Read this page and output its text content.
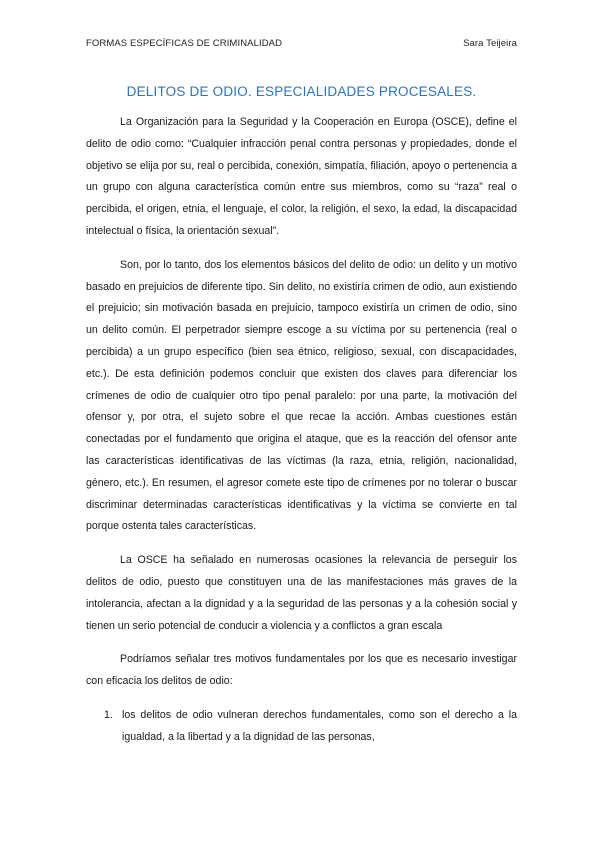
FORMAS ESPECÍFICAS DE CRIMINALIDAD	Sara Teijeira
DELITOS DE ODIO. ESPECIALIDADES PROCESALES.

La Organización para la Seguridad y la Cooperación en Europa (OSCE), define el delito de odio como: “Cualquier infracción penal contra personas y propiedades, donde el objetivo se elija por su, real o percibida, conexión, simpatía, filiación, apoyo o pertenencia a un grupo con alguna característica común entre sus miembros, como su “raza” real o percibida, el origen, etnia, el lenguaje, el color, la religión, el sexo, la edad, la discapacidad intelectual o física, la orientación sexual”.

Son, por lo tanto, dos los elementos básicos del delito de odio: un delito y un motivo basado en prejuicios de diferente tipo. Sin delito, no existiría crimen de odio, aun existiendo el prejuicio; sin motivación basada en prejuicio, tampoco existiría un crimen de odio, sino un delito común. El perpetrador siempre escoge a su víctima por su pertenencia (real o percibida) a un grupo específico (bien sea étnico, religioso, sexual, con discapacidades, etc.). De esta definición podemos concluir que existen dos claves para diferenciar los crímenes de odio de cualquier otro tipo penal paralelo: por una parte, la motivación del ofensor y, por otra, el sujeto sobre el que recae la acción. Ambas cuestiones están conectadas por el fundamento que origina el ataque, que es la reacción del ofensor ante las características identificativas de las víctimas (la raza, etnia, religión, nacionalidad, género, etc.). En resumen, el agresor comete este tipo de crímenes por no tolerar o buscar discriminar determinadas características identificativas y la víctima se convierte en tal porque ostenta tales características.

La OSCE ha señalado en numerosas ocasiones la relevancia de perseguir los delitos de odio, puesto que constituyen una de las manifestaciones más graves de la intolerancia, afectan a la dignidad y a la seguridad de las personas y a la cohesión social y tienen un serio potencial de conducir a violencia y a conflictos a gran escala

Podríamos señalar tres motivos fundamentales por los que es necesario investigar con eficacia los delitos de odio:

1. los delitos de odio vulneran derechos fundamentales, como son el derecho a la igualdad, a la libertad y a la dignidad de las personas,
